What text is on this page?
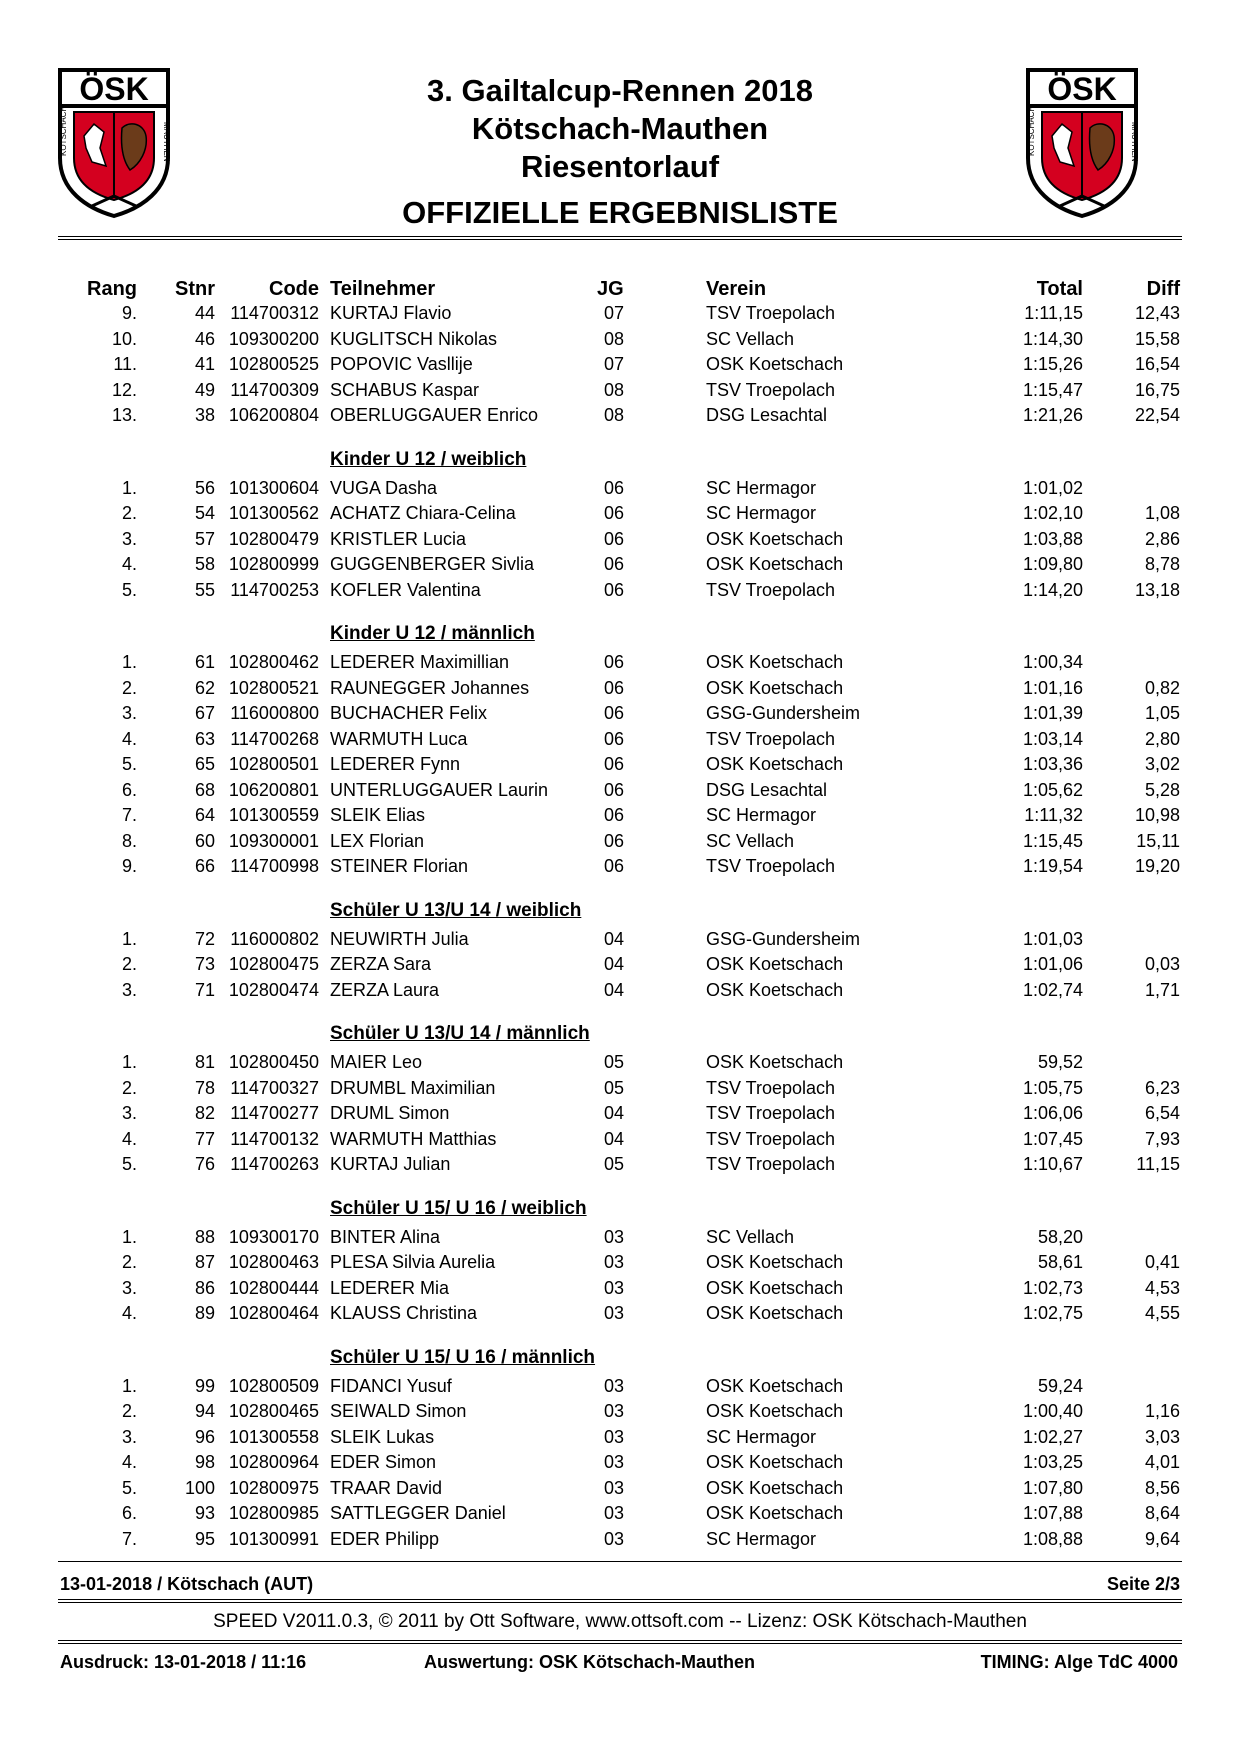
ÖSK
KÖTSCHACH	MAUTHEN
ÖSK
KÖTSCHACH	MAUTHEN
3. Gailtalcup-Rennen 2018
Kötschach-Mauthen
Riesentorlauf
OFFIZIELLE ERGEBNISLISTE
Rang Stnr	Code Teilnehmer	JG	Verein	Total	Diff
9.	44 114700312 KURTAJ Flavio	07	TSV Troepolach	1:11,15	12,43
10.	46 109300200 KUGLITSCH Nikolas	08	SC Vellach	1:14,30	15,58
11.	41 102800525 POPOVIC Vasllije	07	OSK Koetschach	1:15,26	16,54
12.	49 114700309 SCHABUS Kaspar	08	TSV Troepolach	1:15,47	16,75
13.	38 106200804 OBERLUGGAUER Enrico	08	DSG Lesachtal	1:21,26	22,54
Kinder U 12 / weiblich
1.	56 101300604 VUGA Dasha	06	SC Hermagor	1:01,02
2.	54 101300562 ACHATZ Chiara-Celina	06	SC Hermagor	1:02,10	1,08
3.	57 102800479 KRISTLER Lucia	06	OSK Koetschach	1:03,88	2,86
4.	58 102800999 GUGGENBERGER Sivlia	06	OSK Koetschach	1:09,80	8,78
5.	55 114700253 KOFLER Valentina	06	TSV Troepolach	1:14,20	13,18
Kinder U 12 / männlich
1.	61 102800462 LEDERER Maximillian	06	OSK Koetschach	1:00,34
2.	62 102800521 RAUNEGGER Johannes	06	OSK Koetschach	1:01,16	0,82
3.	67 116000800 BUCHACHER Felix	06	GSG-Gundersheim	1:01,39	1,05
4.	63 114700268 WARMUTH Luca	06	TSV Troepolach	1:03,14	2,80
5.	65 102800501 LEDERER Fynn	06	OSK Koetschach	1:03,36	3,02
6.	68 106200801 UNTERLUGGAUER Laurin	06	DSG Lesachtal	1:05,62	5,28
7.	64 101300559 SLEIK Elias	06	SC Hermagor	1:11,32	10,98
8.	60 109300001 LEX Florian	06	SC Vellach	1:15,45	15,11
9.	66 114700998 STEINER Florian	06	TSV Troepolach	1:19,54	19,20
Schüler U 13/U 14 / weiblich
1.	72 116000802 NEUWIRTH Julia	04	GSG-Gundersheim	1:01,03
2.	73 102800475 ZERZA Sara	04	OSK Koetschach	1:01,06	0,03
3.	71 102800474 ZERZA Laura	04	OSK Koetschach	1:02,74	1,71
Schüler U 13/U 14 / männlich
1.	81 102800450 MAIER Leo	05	OSK Koetschach	59,52
2.	78 114700327 DRUMBL Maximilian	05	TSV Troepolach	1:05,75	6,23
3.	82 114700277 DRUML Simon	04	TSV Troepolach	1:06,06	6,54
4.	77 114700132 WARMUTH Matthias	04	TSV Troepolach	1:07,45	7,93
5.	76 114700263 KURTAJ Julian	05	TSV Troepolach	1:10,67	11,15
Schüler U 15/ U 16 / weiblich
1.	88 109300170 BINTER Alina	03	SC Vellach	58,20
2.	87 102800463 PLESA Silvia Aurelia	03	OSK Koetschach	58,61	0,41
3.	86 102800444 LEDERER Mia	03	OSK Koetschach	1:02,73	4,53
4.	89 102800464 KLAUSS Christina	03	OSK Koetschach	1:02,75	4,55
Schüler U 15/ U 16 / männlich
1.	99 102800509 FIDANCI Yusuf	03	OSK Koetschach	59,24
2.	94 102800465 SEIWALD Simon	03	OSK Koetschach	1:00,40	1,16
3.	96 101300558 SLEIK Lukas	03	SC Hermagor	1:02,27	3,03
4.	98 102800964 EDER Simon	03	OSK Koetschach	1:03,25	4,01
5.	100 102800975 TRAAR David	03	OSK Koetschach	1:07,80	8,56
6.	93 102800985 SATTLEGGER Daniel	03	OSK Koetschach	1:07,88	8,64
7.	95 101300991 EDER Philipp	03	SC Hermagor	1:08,88	9,64
13-01-2018 / Kötschach (AUT)	Seite 2/3
SPEED V2011.0.3, © 2011 by Ott Software, www.ottsoft.com -- Lizenz: OSK Kötschach-Mauthen
Ausdruck: 13-01-2018 / 11:16	Auswertung: OSK Kötschach-Mauthen	TIMING: Alge TdC 4000
